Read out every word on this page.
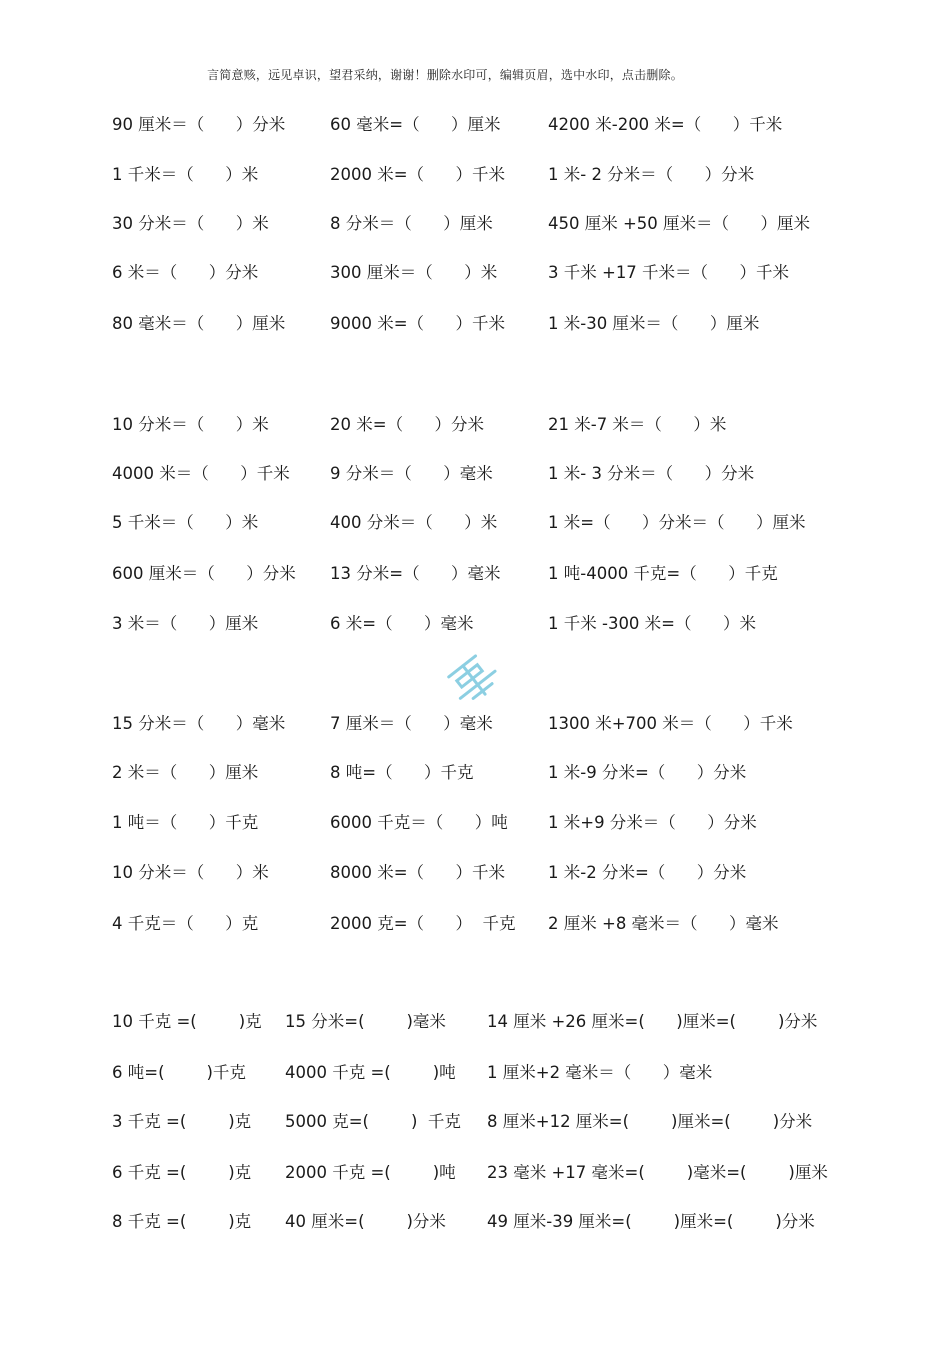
言简意赅，远见卓识，望君采纳，谢谢！删除水印可，编辑页眉，选中水印，点击删除。
90 厘米＝（      ）分米	60 毫米=（      ）厘米	4200 米-200 米=（      ）千米
1 千米＝（      ）米	2000 米=（      ）千米	1 米- 2 分米＝（      ）分米
30 分米＝（      ）米	8 分米＝（      ）厘米	450 厘米 +50 厘米＝（      ）厘米
6 米＝（      ）分米	300 厘米＝（      ）米	3 千米 +17 千米＝（      ）千米
80 毫米＝（      ）厘米	9000 米=（      ）千米	1 米-30 厘米＝（      ）厘米
10 分米＝（      ）米	20 米=（      ）分米	21 米-7 米＝（      ）米
4000 米＝（      ）千米 9 分米＝（      ）毫米	1 米- 3 分米＝（      ）分米
5 千米＝（      ）米	400 分米＝（      ）米	1 米=（      ）分米＝（      ）厘米
600 厘米＝（      ）分米 13 分米=（      ）毫米	1 吨-4000 千克=（      ）千克
3 米＝（      ）厘米	6 米=（      ）毫米	1 千米 -300 米=（      ）米
15 分米＝（      ）毫米	7 厘米＝（      ）毫米	1300 米+700 米＝（      ）千米
2 米＝（      ）厘米	8 吨=（      ）千克	1 米-9 分米=（      ）分米
1 吨＝（      ）千克	6000 千克＝（      ）吨 1 米+9 分米＝（      ）分米
10 分米＝（      ）米	8000 米=（      ）千米	1 米-2 分米=（      ）分米
4 千克＝（      ）克	2000 克=（      ）  千克 2 厘米 +8 毫米＝（      ）毫米
10 千克 =(        )克 15 分米=(        )毫米 14 厘米 +26 厘米=(      )厘米=(        )分米
6 吨=(        )千克 4000 千克 =(        )吨 1 厘米+2 毫米＝（      ）毫米
3 千克 =(        )克 5000 克=(        )  千克 8 厘米+12 厘米=(        )厘米=(        )分米
6 千克 =(        )克 2000 千克 =(        )吨 23 毫米 +17 毫米=(        )毫米=(        )厘米
8 千克 =(        )克 40 厘米=(        )分米 49 厘米-39 厘米=(        )厘米=(        )分米
